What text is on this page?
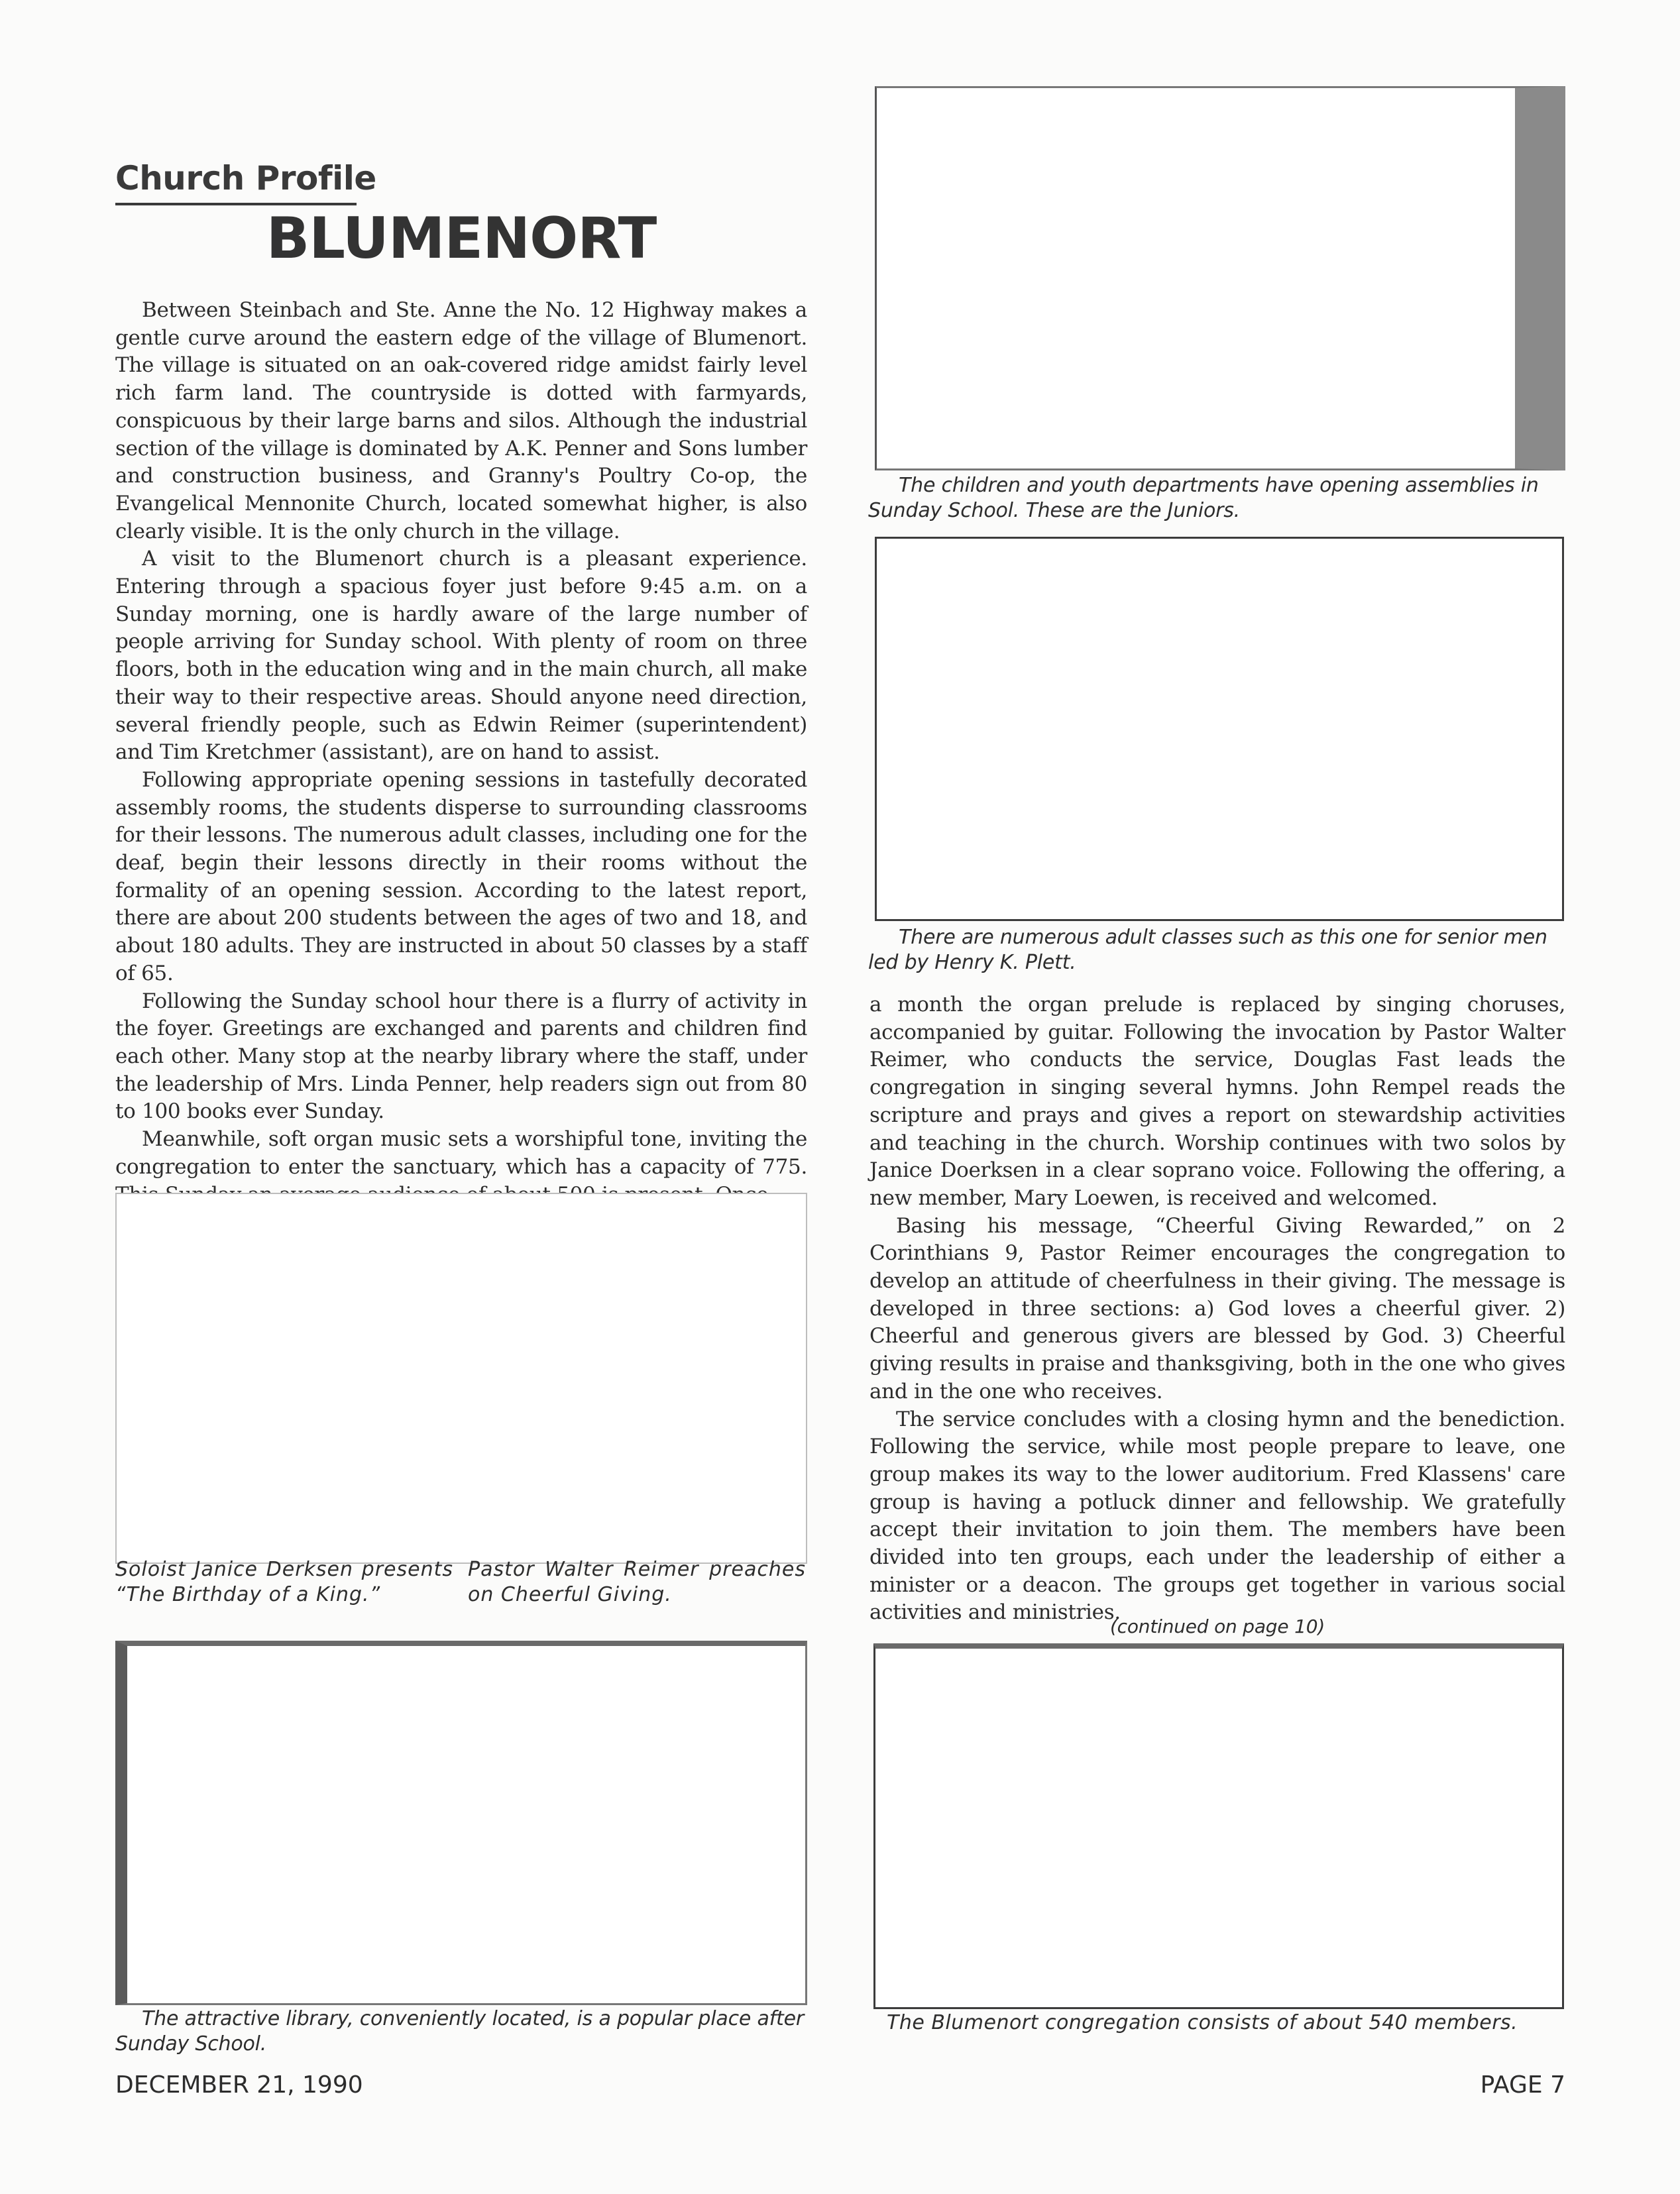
Church Profile
BLUMENORT

Between Steinbach and Ste. Anne the No. 12 Highway makes a gentle curve around the eastern edge of the village of Blumenort. The village is situated on an oak-covered ridge amidst fairly level rich farm land. The countryside is dotted with farmyards, conspicuous by their large barns and silos. Although the industrial section of the village is dominated by A.K. Penner and Sons lumber and construction business, and Granny's Poultry Co-op, the Evangelical Mennonite Church, located somewhat higher, is also clearly visible. It is the only church in the village.

A visit to the Blumenort church is a pleasant experience. Entering through a spacious foyer just before 9:45 a.m. on a Sunday morning, one is hardly aware of the large number of people arriving for Sunday school. With plenty of room on three floors, both in the education wing and in the main church, all make their way to their respective areas. Should anyone need direction, several friendly people, such as Edwin Reimer (superintendent) and Tim Kretchmer (assistant), are on hand to assist.

Following appropriate opening sessions in tastefully decorated assembly rooms, the students disperse to surrounding classrooms for their lessons. The numerous adult classes, including one for the deaf, begin their lessons directly in their rooms without the formality of an opening session. According to the latest report, there are about 200 students between the ages of two and 18, and about 180 adults. They are instructed in about 50 classes by a staff of 65.

Following the Sunday school hour there is a flurry of activity in the foyer. Greetings are exchanged and parents and children find each other. Many stop at the nearby library where the staff, under the leadership of Mrs. Linda Penner, help readers sign out from 80 to 100 books ever Sunday.

Meanwhile, soft organ music sets a worshipful tone, inviting the congregation to enter the sanctuary, which has a capacity of 775.

Soloist Janice Derksen presents “The Birthday of a King.”
Pastor Walter Reimer preaches on Cheerful Giving.
The attractive library, conveniently located, is a popular place after Sunday School.
The children and youth departments have opening assemblies in Sunday School. These are the Juniors.
There are numerous adult classes such as this one for senior men led by Henry K. Plett.

a month the organ prelude is replaced by singing choruses, accompanied by guitar. Following the invocation by Pastor Walter Reimer, who conducts the service, Douglas Fast leads the congregation in singing several hymns. John Rempel reads the scripture and prays and gives a report on stewardship activities and teaching in the church. Worship continues with two solos by Janice Doerksen in a clear soprano voice. Following the offering, a new member, Mary Loewen, is received and welcomed.

Basing his message, “Cheerful Giving Rewarded,” on 2 Corinthians 9, Pastor Reimer encourages the congregation to develop an attitude of cheerfulness in their giving. The message is developed in three sections: a) God loves a cheerful giver. 2) Cheerful and generous givers are blessed by God. 3) Cheerful giving results in praise and thanksgiving, both in the one who gives and in the one who receives.

The service concludes with a closing hymn and the benediction. Following the service, while most people prepare to leave, one group makes its way to the lower auditorium. Fred Klassens' care group is having a potluck dinner and fellowship. We gratefully accept their invitation to join them. The members have been divided into ten groups, each under the leadership of either a minister or a deacon. The groups get together in various social activities and ministries.

(continued on page 10)
The Blumenort congregation consists of about 540 members.
DECEMBER 21, 1990	PAGE 7
